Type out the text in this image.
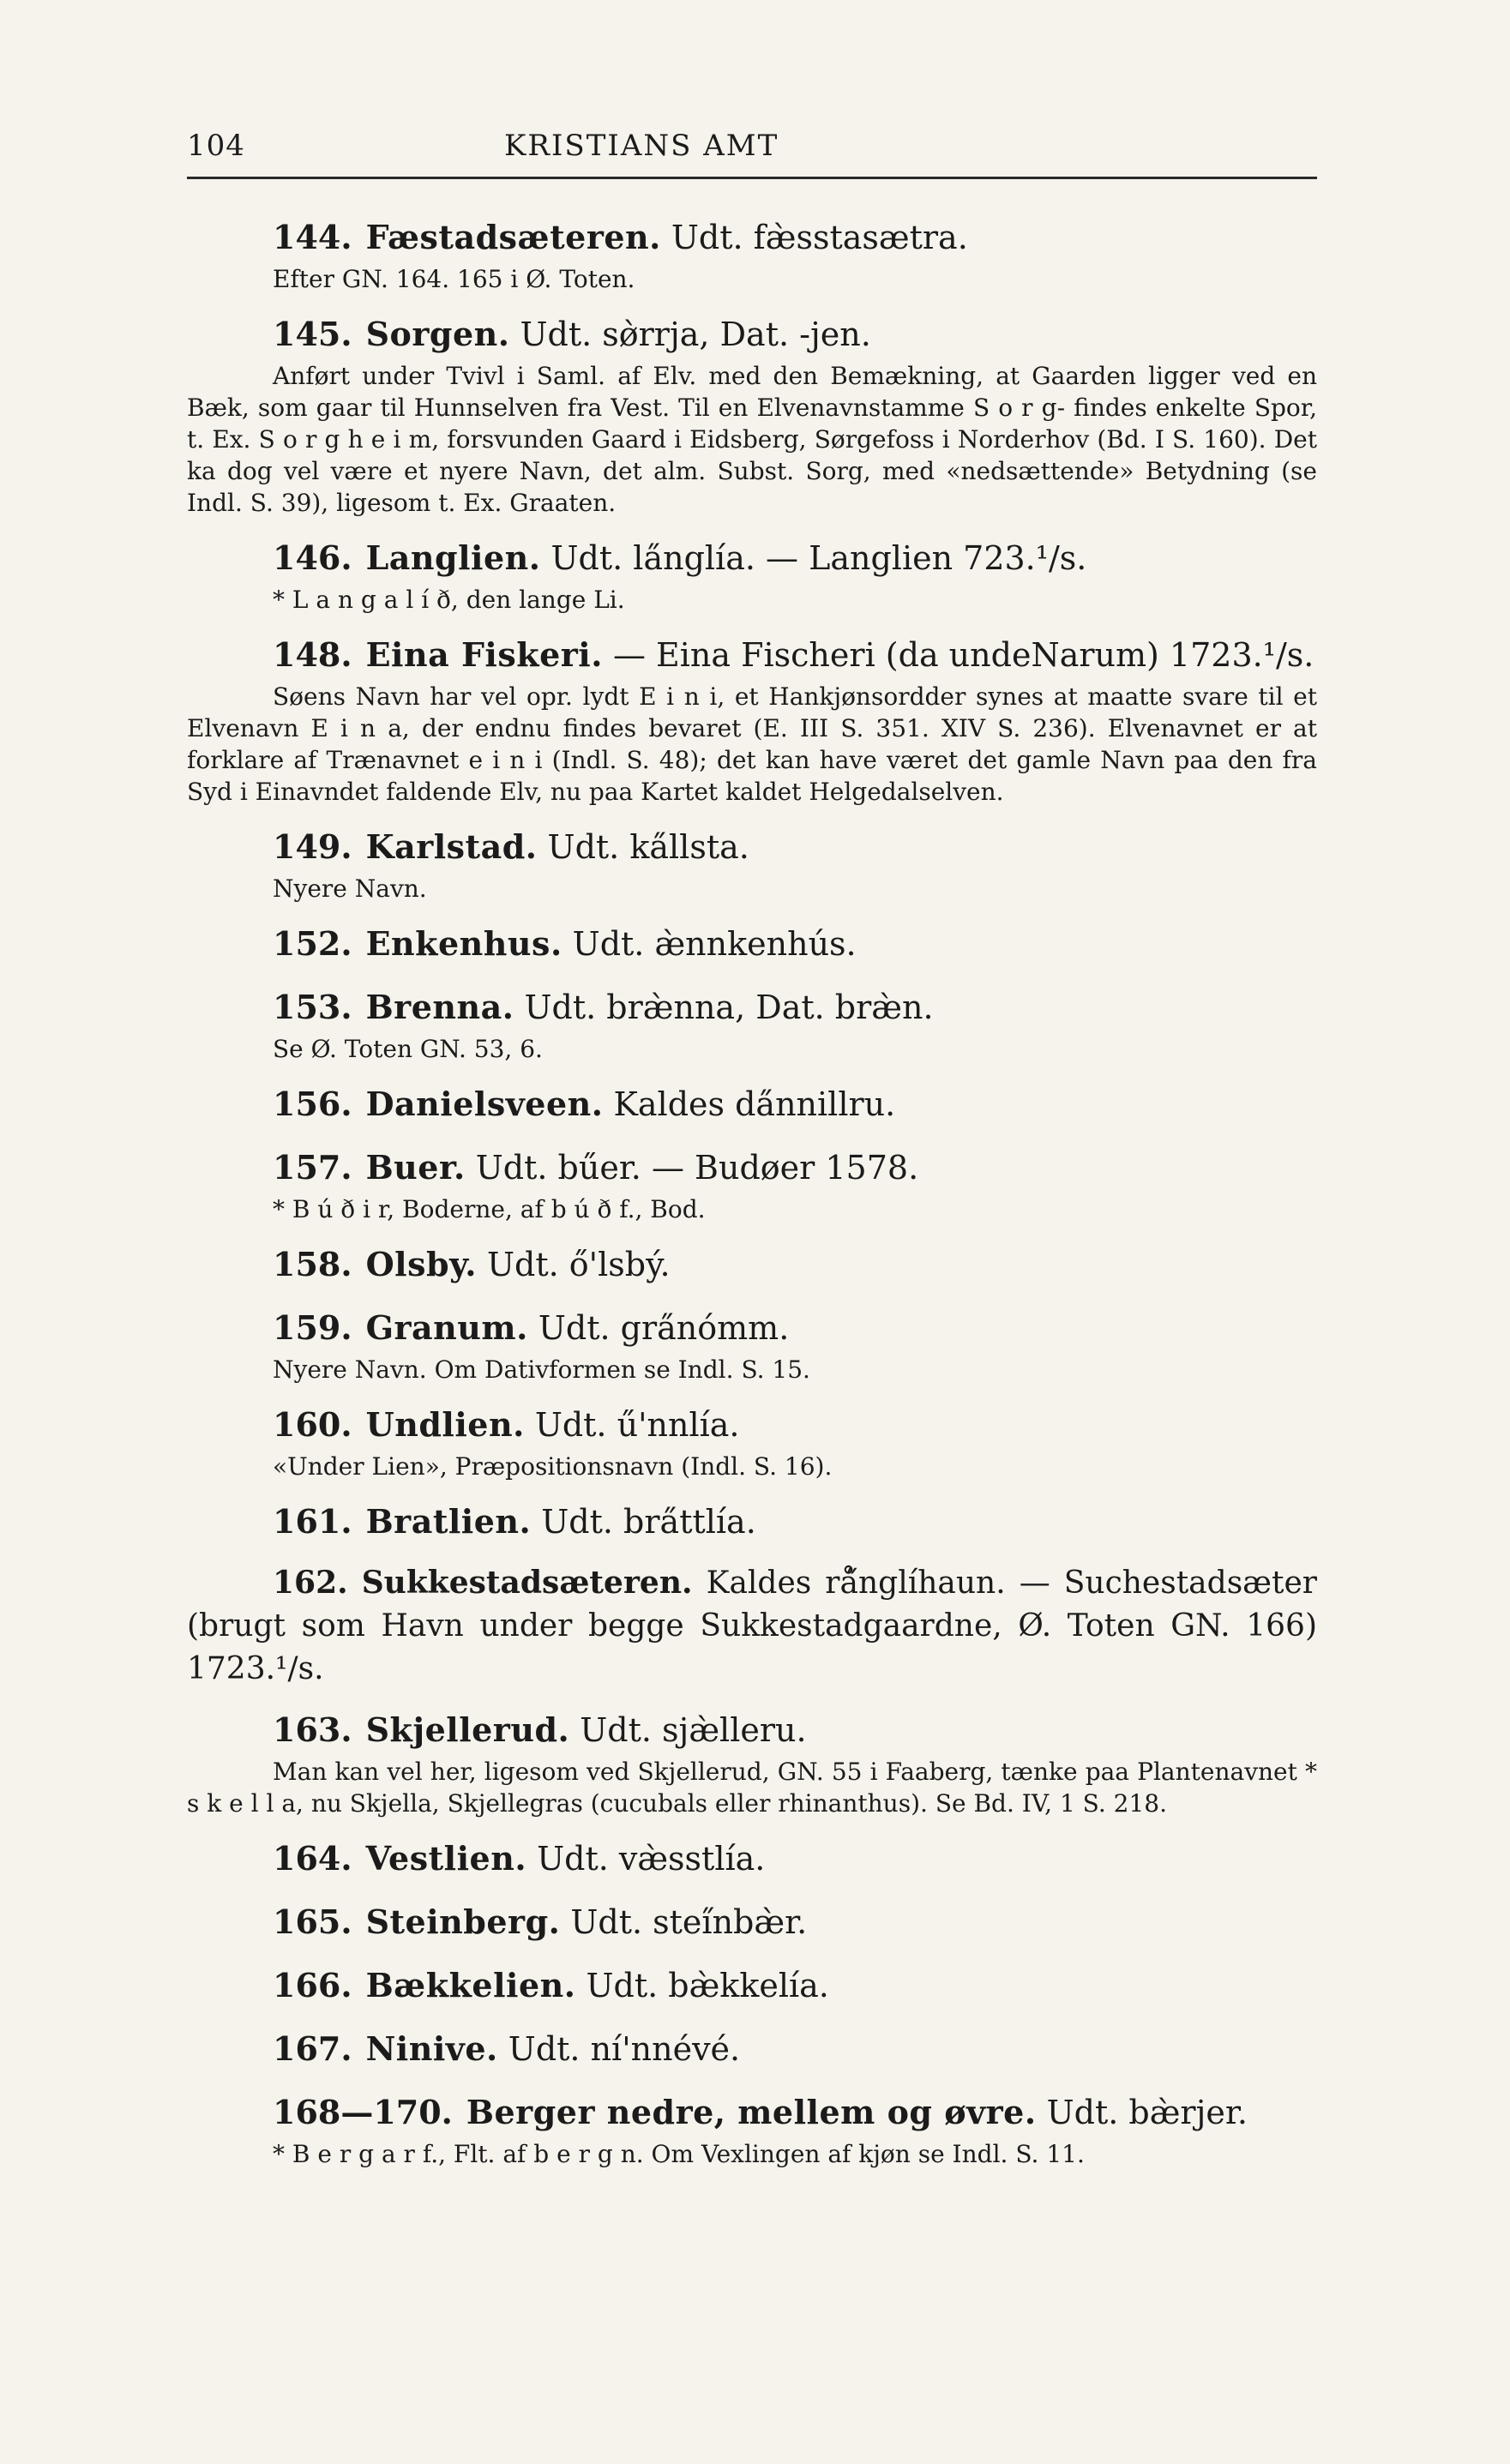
104	KRISTIANS AMT
144. Fæstadsæteren. Udt. fæ̀sstasætra.

Efter GN. 164. 165 i Ø. Toten.

145. Sorgen. Udt. sø̀rrja, Dat. -jen.

Anført under Tvivl i Saml. af Elv. med den Bemækning, at Gaarden ligger ved en Bæk, som gaar til Hunnselven fra Vest. Til en Elvenavnstamme S o r g- findes enkelte Spor, t. Ex. S o r g h e i m, forsvunden Gaard i Eidsberg, Sørgefoss i Norderhov (Bd. I S. 160). Det ka dog vel være et nyere Navn, det alm. Subst. Sorg, med «nedsættende» Betydning (se Indl. S. 39), ligesom t. Ex. Graaten.

146. Langlien. Udt. la̋nglía. — Langlien 723.¹/s.

* L a n g a l í ð, den lange Li.

148. Eina Fiskeri. — Eina Fischeri (da undeNarum) 1723.¹/s.

Søens Navn har vel opr. lydt E i n i, et Hankjønsordder synes at maatte svare til et Elvenavn E i n a, der endnu findes bevaret (E. III S. 351. XIV S. 236). Elvenavnet er at forklare af Trænavnet e i n i (Indl. S. 48); det kan have været det gamle Navn paa den fra Syd i Einavndet faldende Elv, nu paa Kartet kaldet Helgedalselven.

149. Karlstad. Udt. ka̋llsta.

Nyere Navn.

152. Enkenhus. Udt. æ̀nnkenhús.
153. Brenna. Udt. bræ̀nna, Dat. bræ̀n.

Se Ø. Toten GN. 53, 6.

156. Danielsveen. Kaldes da̋nnillru.
157. Buer. Udt. bűer. — Budøer 1578.

* B ú ð i r, Boderne, af b ú ð f., Bod.

158. Olsby. Udt. ő'lsbý.
159. Granum. Udt. gra̋nómm.

Nyere Navn. Om Dativformen se Indl. S. 15.

160. Undlien. Udt. ű'nnlía.

«Under Lien», Præpositionsnavn (Indl. S. 16).

161. Bratlien. Udt. bra̋ttlía.

162. Sukkestadsæteren. Kaldes rå̋nglíhaun. — Suchestadsæter (brugt som Havn under begge Sukkestadgaardne, Ø. Toten GN. 166) 1723.¹/s.

163. Skjellerud. Udt. sjæ̀lleru.

Man kan vel her, ligesom ved Skjellerud, GN. 55 i Faaberg, tænke paa Plantenavnet * s k e l l a, nu Skjella, Skjellegras (cucubals eller rhinanthus). Se Bd. IV, 1 S. 218.

164. Vestlien. Udt. væ̀sstlía.
165. Steinberg. Udt. stei̋nbæ̀r.
166. Bækkelien. Udt. bæ̀kkelía.
167. Ninive. Udt. ní'nnévé.
168—170. Berger nedre, mellem og øvre. Udt. bæ̀rjer.

* B e r g a r f., Flt. af b e r g n. Om Vexlingen af kjøn se Indl. S. 11.
